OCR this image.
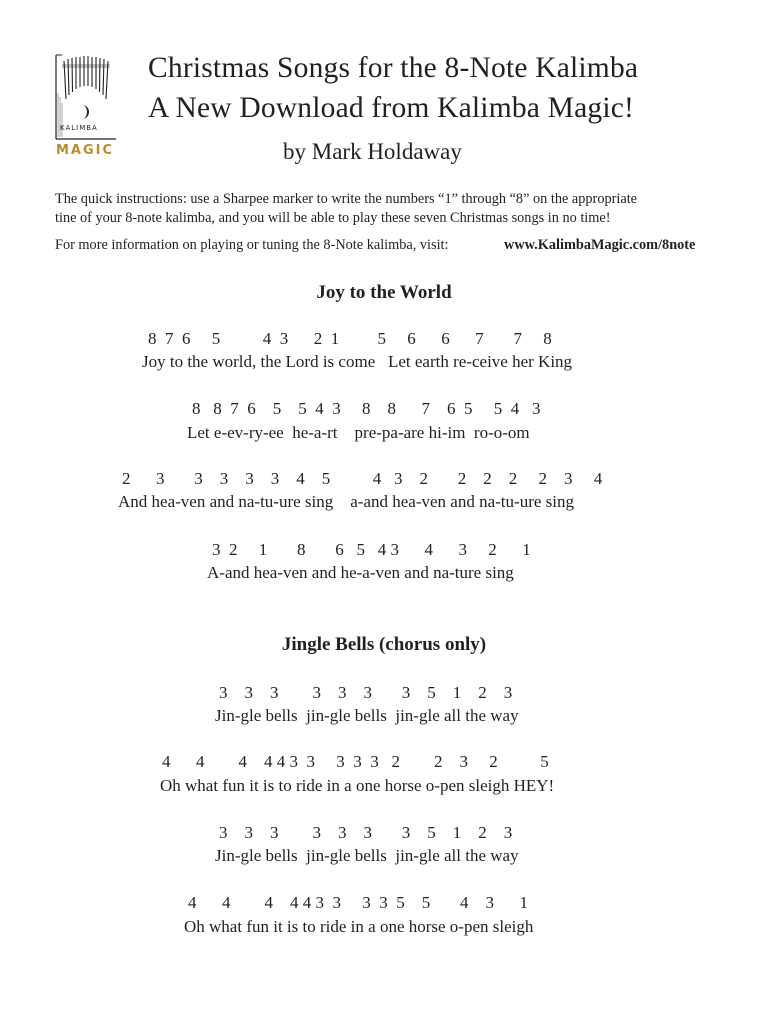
KALIMBA
MAGIC
Christmas Songs for the 8-Note Kalimba
A New Download from Kalimba Magic!
by Mark Holdaway
The quick instructions: use a Sharpee marker to write the numbers “1” through “8” on the appropriate
tine of your 8-note kalimba, and you will be able to play these seven Christmas songs in no time!
For more information on playing or tuning the 8-Note kalimba, visit:	www.KalimbaMagic.com/8note
Joy to the World
8  7  6     5          4  3      2  1         5     6      6      7       7     8
Joy to the world, the Lord is come   Let earth re-ceive her King
8   8  7  6    5    5  4  3     8    8      7    6  5     5  4   3
Let e-ev-ry-ee  he-a-rt    pre-pa-are hi-im  ro-o-om
2      3       3    3    3    3    4    5          4   3    2       2    2    2     2    3     4
And hea-ven and na-tu-ure sing    a-and hea-ven and na-tu-ure sing
3  2     1       8       6   5   4 3      4      3     2      1
A-and hea-ven and he-a-ven and na-ture sing
Jingle Bells (chorus only)
3    3    3        3    3    3       3    5    1    2    3
Jin-gle bells  jin-gle bells  jin-gle all the way
4      4        4    4 4 3  3     3  3  3   2        2    3     2          5
Oh what fun it is to ride in a one horse o-pen sleigh HEY!
3    3    3        3    3    3       3    5    1    2    3
Jin-gle bells  jin-gle bells  jin-gle all the way
4      4        4    4 4 3  3     3  3  5    5       4    3      1
Oh what fun it is to ride in a one horse o-pen sleigh
